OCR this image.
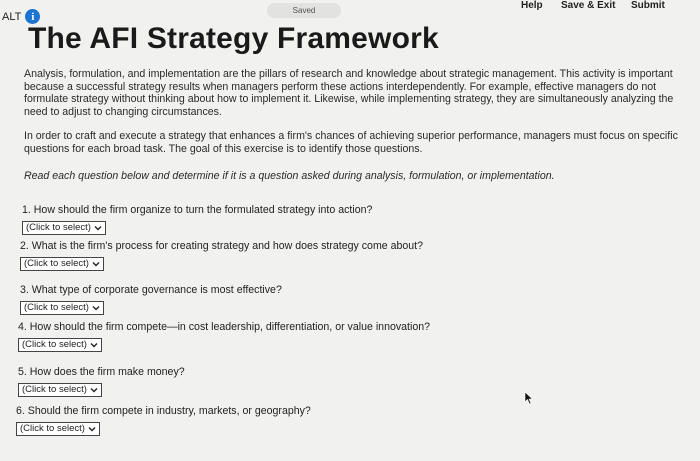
ALT i	Saved	Help Save & Exit Submit
The AFI Strategy Framework

Analysis, formulation, and implementation are the pillars of research and knowledge about strategic management. This activity is important because a successful strategy results when managers perform these actions interdependently. For example, effective managers do not formulate strategy without thinking about how to implement it. Likewise, while implementing strategy, they are simultaneously analyzing the need to adjust to changing circumstances.

In order to craft and execute a strategy that enhances a firm's chances of achieving superior performance, managers must focus on specific questions for each broad task. The goal of this exercise is to identify those questions.

Read each question below and determine if it is a question asked during analysis, formulation, or implementation.

1. How should the firm organize to turn the formulated strategy into action?

(Click to select)

2. What is the firm's process for creating strategy and how does strategy come about?

(Click to select)

3. What type of corporate governance is most effective?

(Click to select)

4. How should the firm compete—in cost leadership, differentiation, or value innovation?

(Click to select)

5. How does the firm make money?

(Click to select)

6. Should the firm compete in industry, markets, or geography?

(Click to select)
